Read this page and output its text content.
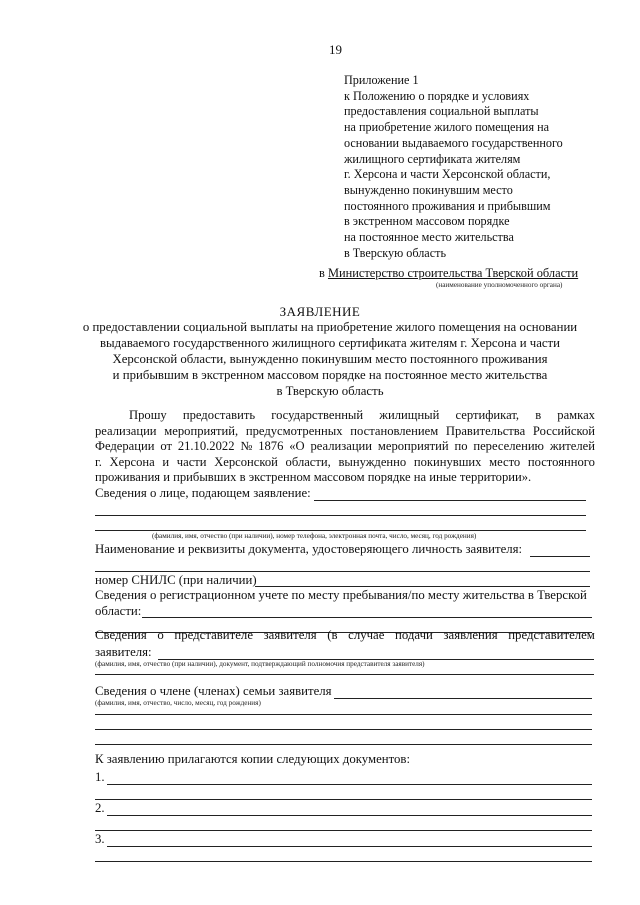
19
Приложение 1
к Положению о порядке и условиях
предоставления социальной выплаты
на приобретение жилого помещения на
основании выдаваемого государственного
жилищного сертификата жителям
г. Херсона и части Херсонской области,
вынужденно покинувшим место
постоянного проживания и прибывшим
в экстренном массовом порядке
на постоянное место жительства
в Тверскую область
в Министерство строительства Тверской области
(наименование уполномоченного органа)
ЗАЯВЛЕНИЕ
о предоставлении социальной выплаты на приобретение жилого помещения на основании
выдаваемого государственного жилищного сертификата жителям г. Херсона и части
Херсонской области, вынужденно покинувшим место постоянного проживания
и прибывшим в экстренном массовом порядке на постоянное место жительства
в Тверскую область
Прошу предоставить государственный жилищный сертификат, в рамках
реализации мероприятий, предусмотренных постановлением Правительства Российской
Федерации от 21.10.2022 № 1876 «О реализации мероприятий по переселению жителей
г. Херсона и части Херсонской области, вынужденно покинувших место постоянного
проживания и прибывших в экстренном массовом порядке на иные территории».
Сведения о лице, подающем заявление:
(фамилия, имя, отчество (при наличии), номер телефона, электронная почта, число, месяц, год рождения)
Наименование и реквизиты документа, удостоверяющего личность заявителя:
номер СНИЛС (при наличии)
Сведения о регистрационном учете по месту пребывания/по месту жительства в Тверской
области:
Сведения о представителе заявителя (в случае подачи заявления представителем
заявителя:
(фамилия, имя, отчество (при наличии), документ, подтверждающий полномочия представителя заявителя)
Сведения о члене (членах) семьи заявителя
(фамилия, имя, отчество, число, месяц, год рождения)
К заявлению прилагаются копии следующих документов:
1.
2.
3.
